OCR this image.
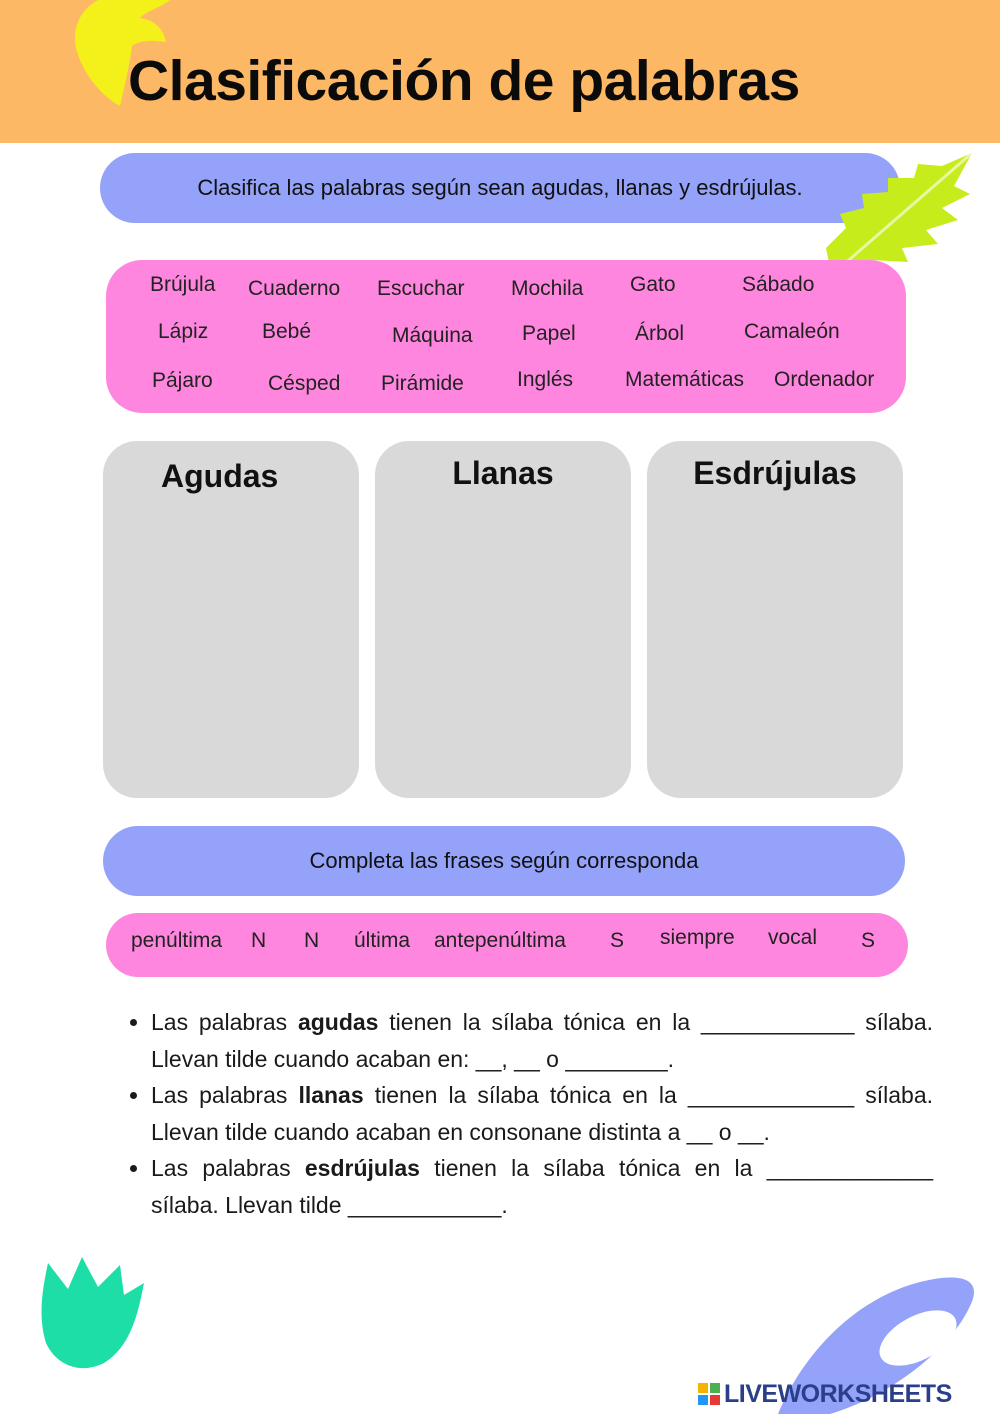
Clasificación de palabras
Clasifica las palabras según sean agudas, llanas y esdrújulas.
Brújula Cuaderno Escuchar Mochila Gato	Sábado
Lápiz	Bebé	Máquina Papel	Árbol	Camaleón
Pájaro	Césped Pirámide	Inglés Matemáticas Ordenador
Agudas	Llanas	Esdrújulas
Completa las frases según corresponda
penúltima N N última antepenúltima S siempre vocal S
• Las palabras agudas tienen la sílaba tónica en la ____________ sílaba. Llevan tilde cuando acaban en: __, __ o ________.
• Las palabras llanas tienen la sílaba tónica en la _____________ sílaba. Llevan tilde cuando acaban en consonane distinta a __ o __.
• Las palabras esdrújulas tienen la sílaba tónica en la _____________ sílaba. Llevan tilde ____________.
LIVEWORKSHEETS
